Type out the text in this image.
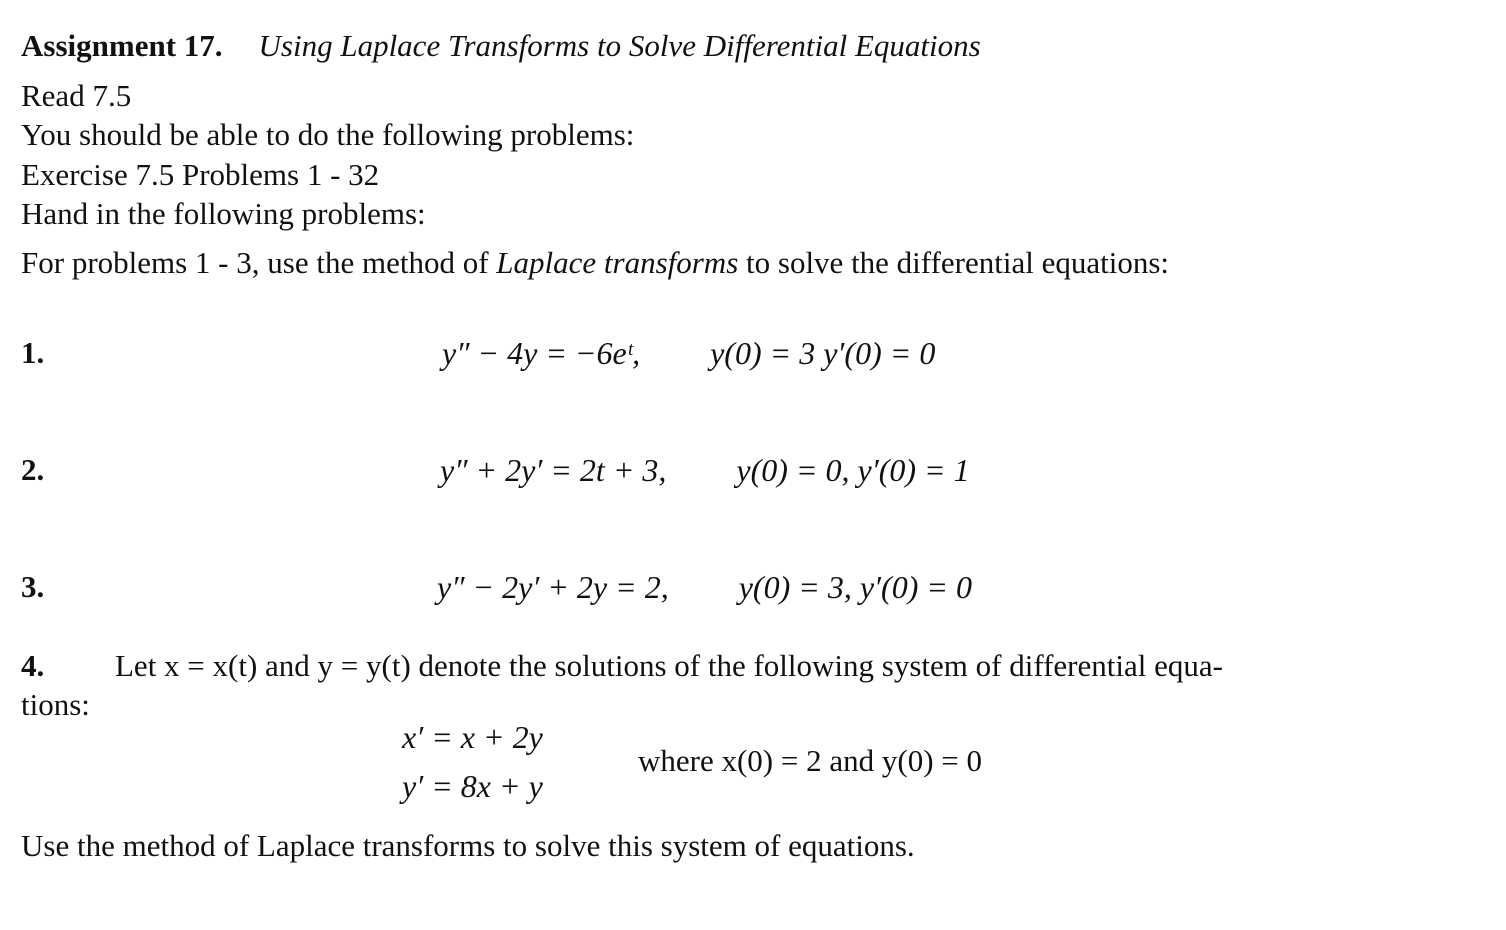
Assignment 17. Using Laplace Transforms to Solve Differential Equations
Read 7.5
You should be able to do the following problems:
Exercise 7.5 Problems 1 - 32
Hand in the following problems:
For problems 1 - 3, use the method of Laplace transforms to solve the differential equations:
1.	y″ − 4y = −6eᵗ, y(0) = 3 y′(0) = 0
2.	y″ + 2y′ = 2t + 3, y(0) = 0, y′(0) = 1
3.	y″ − 2y′ + 2y = 2, y(0) = 3, y′(0) = 0
4. Let x = x(t) and y = y(t) denote the solutions of the following system of differential equa-
tions:
x′ = x + 2y
y′ = 8x + y
where x(0) = 2 and y(0) = 0
Use the method of Laplace transforms to solve this system of equations.
